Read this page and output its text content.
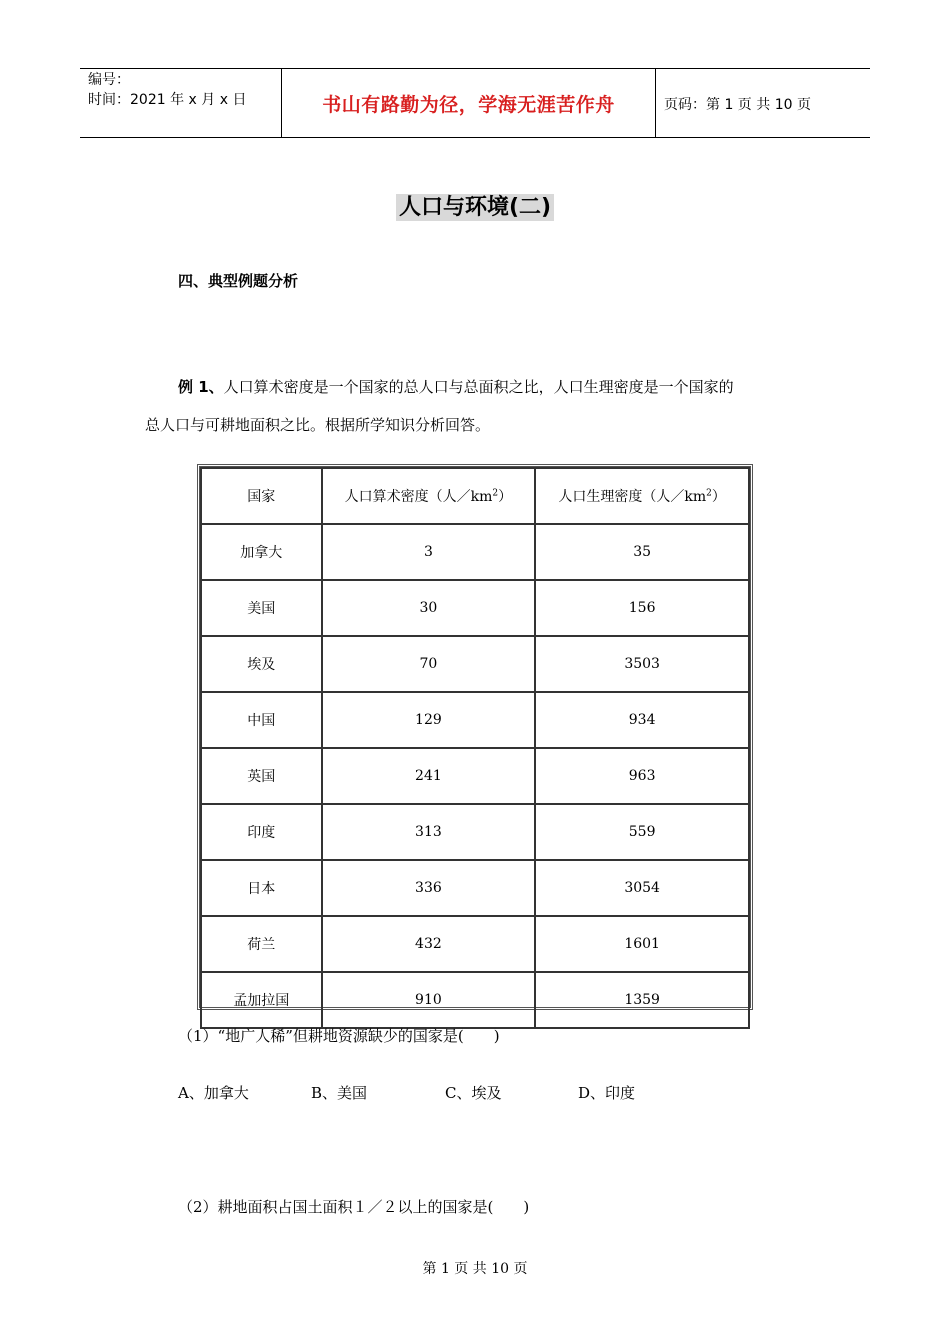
编号：
时间：2021 年 x 月 x 日	书山有路勤为径，学海无涯苦作舟	页码：第 1 页 共 10 页
人口与环境(二)
四、典型例题分析
例 1、人口算术密度是一个国家的总人口与总面积之比，人口生理密度是一个国家的
总人口与可耕地面积之比。根据所学知识分析回答。
国家	人口算术密度（人$/km^2$）	人口生理密度（人$/km^2$）
加拿大	3	35
美国	30	156
埃及	70	3503
中国	129	934
英国	241	963
印度	313	559
日本	336	3054
荷兰	432	1601
孟加拉国	910	1359
（1）“地广人稀”但耕地资源缺少的国家是(　　)
A、加拿大	B、美国	C、埃及	D、印度
（2）耕地面积占国土面积１／２以上的国家是(　　)
第 1 页 共 10 页
